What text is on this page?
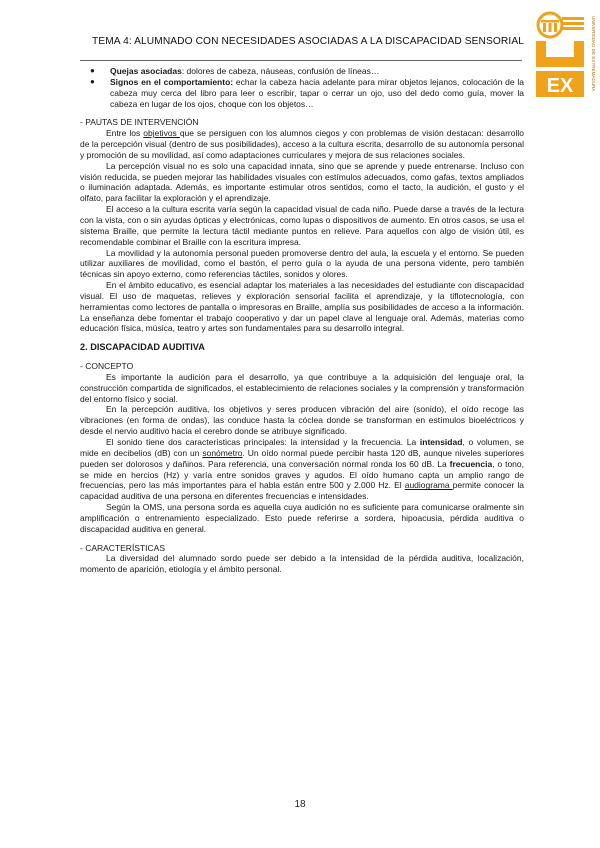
TEMA 4: ALUMNADO CON NECESIDADES ASOCIADAS A LA DISCAPACIDAD SENSORIAL
EX	UNIVERSIDAD DE EXTREMADURA
● Quejas asociadas: dolores de cabeza, náuseas, confusión de líneas…
● Signos en el comportamiento: echar la cabeza hacia adelante para mirar objetos lejanos, colocación de la cabeza muy cerca del libro para leer o escribir, tapar o cerrar un ojo, uso del dedo como guía, mover la cabeza en lugar de los ojos, choque con los objetos…

- PAUTAS DE INTERVENCIÓN

Entre los objetivos que se persiguen con los alumnos ciegos y con problemas de visión destacan: desarrollo de la percepción visual (dentro de sus posibilidades), acceso a la cultura escrita, desarrollo de su autonomía personal y promoción de su movilidad, así como adaptaciones curriculares y mejora de sus relaciones sociales.

La percepción visual no es solo una capacidad innata, sino que se aprende y puede entrenarse. Incluso con visión reducida, se pueden mejorar las habilidades visuales con estímulos adecuados, como gafas, textos ampliados o iluminación adaptada. Además, es importante estimular otros sentidos, como el tacto, la audición, el gusto y el olfato, para facilitar la exploración y el aprendizaje.

El acceso a la cultura escrita varía según la capacidad visual de cada niño. Puede darse a través de la lectura con la vista, con o sin ayudas ópticas y electrónicas, como lupas o dispositivos de aumento. En otros casos, se usa el sistema Braille, que permite la lectura táctil mediante puntos en relieve. Para aquellos con algo de visión útil, es recomendable combinar el Braille con la escritura impresa.

La movilidad y la autonomía personal pueden promoverse dentro del aula, la escuela y el entorno. Se pueden utilizar auxiliares de movilidad, como el bastón, el perro guía o la ayuda de una persona vidente, pero también técnicas sin apoyo externo, como referencias táctiles, sonidos y olores.

En el ámbito educativo, es esencial adaptar los materiales a las necesidades del estudiante con discapacidad visual. El uso de maquetas, relieves y exploración sensorial facilita el aprendizaje, y la tiflotecnología, con herramientas como lectores de pantalla o impresoras en Braille, amplía sus posibilidades de acceso a la información. La enseñanza debe fomentar el trabajo cooperativo y dar un papel clave al lenguaje oral. Además, materias como educación física, música, teatro y artes son fundamentales para su desarrollo integral.

2. DISCAPACIDAD AUDITIVA

- CONCEPTO

Es importante la audición para el desarrollo, ya que contribuye a la adquisición del lenguaje oral, la construcción compartida de significados, el establecimiento de relaciones sociales y la comprensión y transformación del entorno físico y social.

En la percepción auditiva, los objetivos y seres producen vibración del aire (sonido), el oído recoge las vibraciones (en forma de ondas), las conduce hasta la cóclea donde se transforman en estímulos bioeléctricos y desde el nervio auditivo hacia el cerebro donde se atribuye significado.

El sonido tiene dos características principales: la intensidad y la frecuencia. La intensidad, o volumen, se mide en decibelios (dB) con un sonómetro. Un oído normal puede percibir hasta 120 dB, aunque niveles superiores pueden ser dolorosos y dañinos. Para referencia, una conversación normal ronda los 60 dB. La frecuencia, o tono, se mide en hercios (Hz) y varía entre sonidos graves y agudos. El oído humano capta un amplio rango de frecuencias, pero las más importantes para el habla están entre 500 y 2.000 Hz. El audiograma permite conocer la capacidad auditiva de una persona en diferentes frecuencias e intensidades.

Según la OMS, una persona sorda es aquella cuya audición no es suficiente para comunicarse oralmente sin amplificación o entrenamiento especializado. Esto puede referirse a sordera, hipoacusia, pérdida auditiva o discapacidad auditiva en general.

- CARACTERÍSTICAS

La diversidad del alumnado sordo puede ser debido a la intensidad de la pérdida auditiva, localización, momento de aparición, etiología y el ámbito personal.

18
